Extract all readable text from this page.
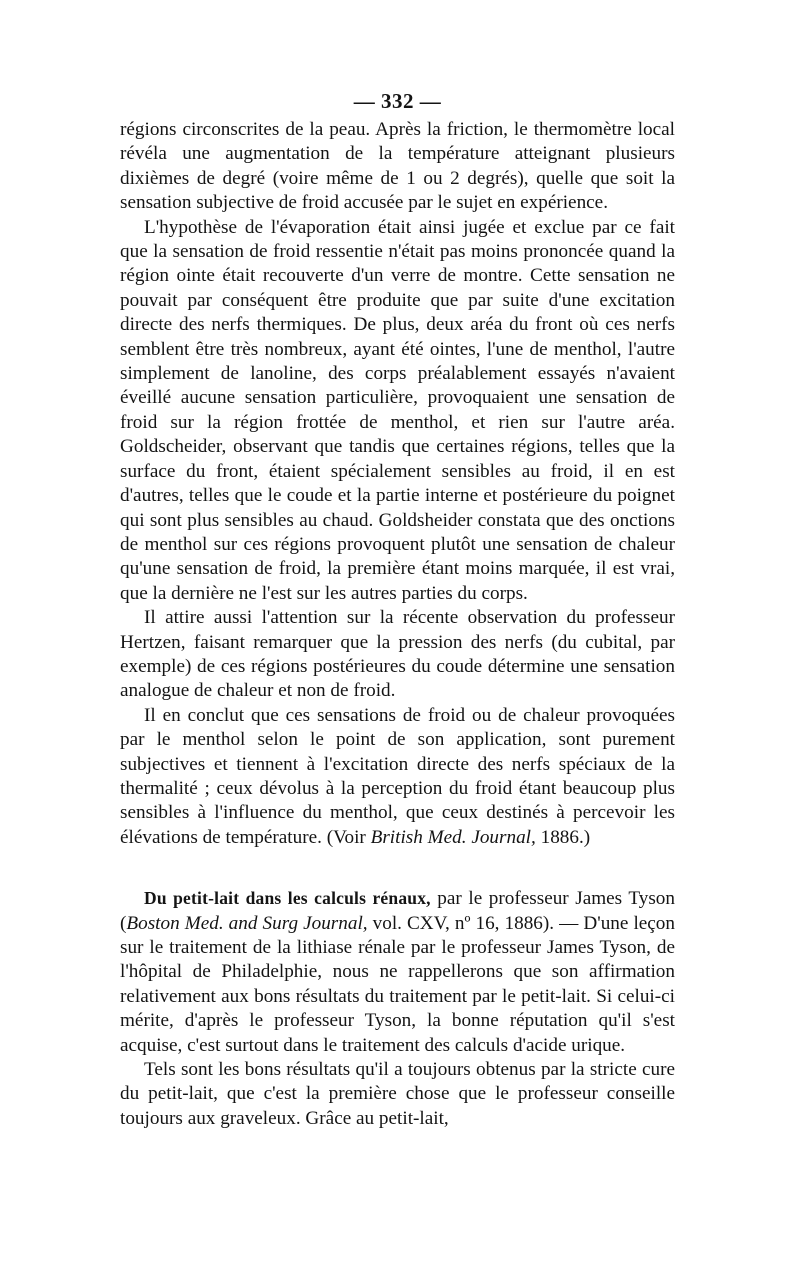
— 332 —

régions circonscrites de la peau. Après la friction, le thermomètre local révéla une augmentation de la température atteignant plusieurs dixièmes de degré (voire même de 1 ou 2 degrés), quelle que soit la sensation subjective de froid accusée par le sujet en expérience.

L'hypothèse de l'évaporation était ainsi jugée et exclue par ce fait que la sensation de froid ressentie n'était pas moins prononcée quand la région ointe était recouverte d'un verre de montre. Cette sensation ne pouvait par conséquent être produite que par suite d'une excitation directe des nerfs thermiques. De plus, deux aréa du front où ces nerfs semblent être très nombreux, ayant été ointes, l'une de menthol, l'autre simplement de lanoline, des corps préalablement essayés n'avaient éveillé aucune sensation particulière, provoquaient une sensation de froid sur la région frottée de menthol, et rien sur l'autre aréa. Goldscheider, observant que tandis que certaines régions, telles que la surface du front, étaient spécialement sensibles au froid, il en est d'autres, telles que le coude et la partie interne et postérieure du poignet qui sont plus sensibles au chaud. Goldsheider constata que des onctions de menthol sur ces régions provoquent plutôt une sensation de chaleur qu'une sensation de froid, la première étant moins marquée, il est vrai, que la dernière ne l'est sur les autres parties du corps.

Il attire aussi l'attention sur la récente observation du professeur Hertzen, faisant remarquer que la pression des nerfs (du cubital, par exemple) de ces régions postérieures du coude détermine une sensation analogue de chaleur et non de froid.

Il en conclut que ces sensations de froid ou de chaleur provoquées par le menthol selon le point de son application, sont purement subjectives et tiennent à l'excitation directe des nerfs spéciaux de la thermalité ; ceux dévolus à la perception du froid étant beaucoup plus sensibles à l'influence du menthol, que ceux destinés à percevoir les élévations de température. (Voir British Med. Journal, 1886.)

Du petit-lait dans les calculs rénaux, par le professeur James Tyson (Boston Med. and Surg Journal, vol. CXV, nº 16, 1886). — D'une leçon sur le traitement de la lithiase rénale par le professeur James Tyson, de l'hôpital de Philadelphie, nous ne rappellerons que son affirmation relativement aux bons résultats du traitement par le petit-lait. Si celui-ci mérite, d'après le professeur Tyson, la bonne réputation qu'il s'est acquise, c'est surtout dans le traitement des calculs d'acide urique.

Tels sont les bons résultats qu'il a toujours obtenus par la stricte cure du petit-lait, que c'est la première chose que le professeur conseille toujours aux graveleux. Grâce au petit-lait,
